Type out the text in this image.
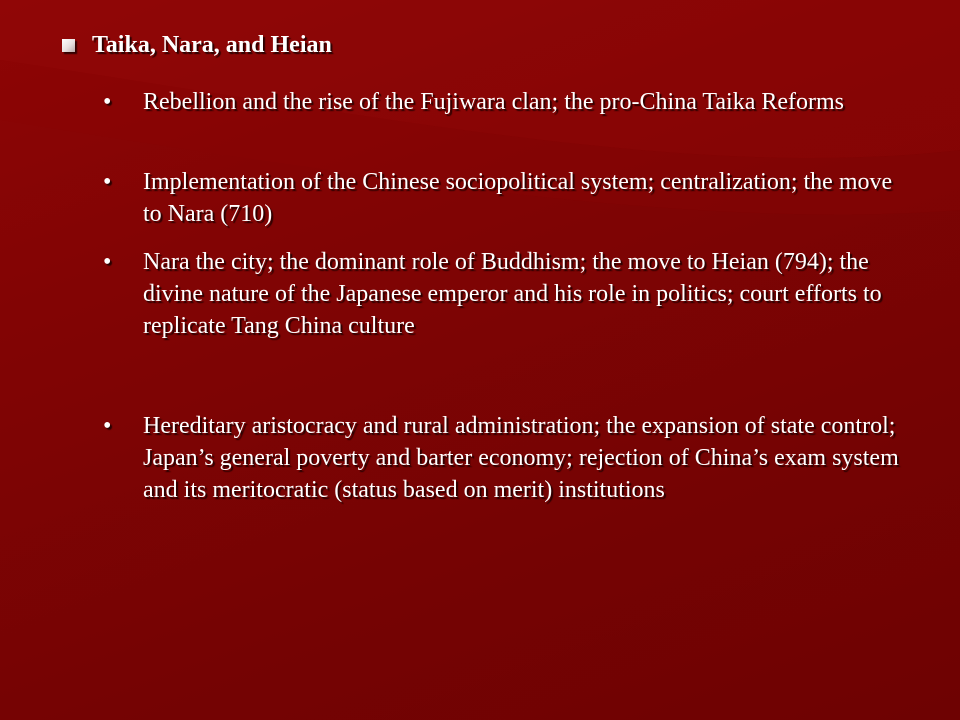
Taika, Nara, and Heian
•	Rebellion and the rise of the Fujiwara clan; the pro-China Taika Reforms
•	Implementation of the Chinese sociopolitical system; centralization; the move to Nara (710)
•	Nara the city; the dominant role of Buddhism; the move to Heian (794); the divine nature of the Japanese emperor and his role in politics; court efforts to replicate Tang China culture
•	Hereditary aristocracy and rural administration; the expansion of state control; Japan’s general poverty and barter economy; rejection of China’s exam system and its meritocratic (status based on merit) institutions
